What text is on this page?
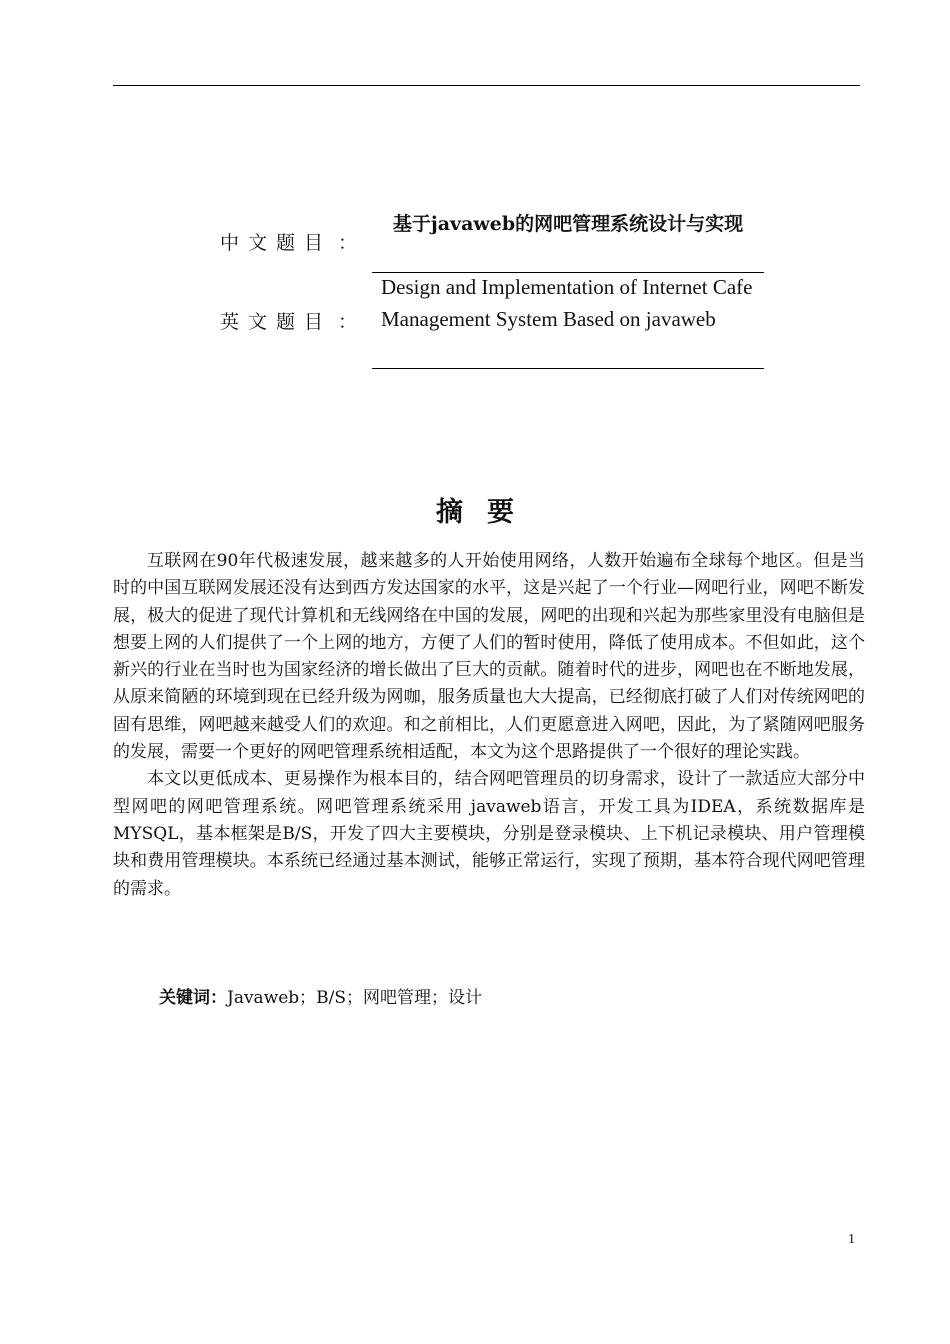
中文题目 ：
基于javaweb的网吧管理系统设计与实现
英文题目 ：
Design and Implementation of Internet Cafe Management System Based on javaweb
摘要

互联网在90年代极速发展，越来越多的人开始使用网络，人数开始遍布全球每个地区。但是当时的中国互联网发展还没有达到西方发达国家的水平，这是兴起了一个行业—网吧行业，网吧不断发展，极大的促进了现代计算机和无线网络在中国的发展，网吧的出现和兴起为那些家里没有电脑但是想要上网的人们提供了一个上网的地方，方便了人们的暂时使用，降低了使用成本。不但如此，这个新兴的行业在当时也为国家经济的增长做出了巨大的贡献。随着时代的进步，网吧也在不断地发展，从原来简陋的环境到现在已经升级为网咖，服务质量也大大提高，已经彻底打破了人们对传统网吧的固有思维，网吧越来越受人们的欢迎。和之前相比，人们更愿意进入网吧，因此，为了紧随网吧服务的发展，需要一个更好的网吧管理系统相适配，本文为这个思路提供了一个很好的理论实践。

本文以更低成本、更易操作为根本目的，结合网吧管理员的切身需求，设计了一款适应大部分中型网吧的网吧管理系统。网吧管理系统采用 javaweb语言，开发工具为IDEA，系统数据库是MYSQL，基本框架是B/S，开发了四大主要模块，分别是登录模块、上下机记录模块、用户管理模块和费用管理模块。本系统已经通过基本测试，能够正常运行，实现了预期，基本符合现代网吧管理的需求。

关键词：Javaweb；B/S；网吧管理；设计
1
